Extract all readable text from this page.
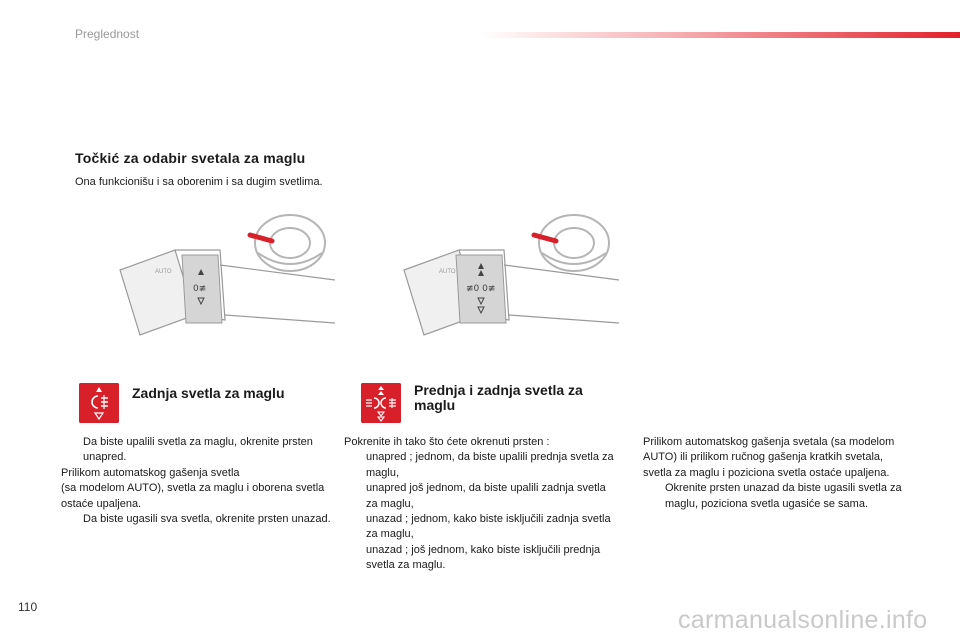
Preglednost
Točkić za odabir svetala za maglu
Ona funkcionišu i sa oborenim i sa dugim svetlima.
AUTO
0≢
AUTO
≢0 0≢
Zadnja svetla za maglu	Prednja i zadnja svetla za maglu
Da biste upalili svetla za maglu, okrenite prsten unapred.
Prilikom automatskog gašenja svetla
(sa modelom AUTO), svetla za maglu i oborena svetla ostaće upaljena.
Da biste ugasili sva svetla, okrenite prsten unazad.
Pokrenite ih tako što ćete okrenuti prsten :
unapred ; jednom, da biste upalili prednja svetla za maglu,
unapred još jednom, da biste upalili zadnja svetla za maglu,
unazad ; jednom, kako biste isključili zadnja svetla za maglu,
unazad ; još jednom, kako biste isključili prednja svetla za maglu.
Prilikom automatskog gašenja svetala (sa modelom AUTO) ili prilikom ručnog gašenja kratkih svetala, svetla za maglu i poziciona svetla ostaće upaljena.
Okrenite prsten unazad da biste ugasili svetla za maglu, poziciona svetla ugasiće se sama.
110	carmanualsonline.info
